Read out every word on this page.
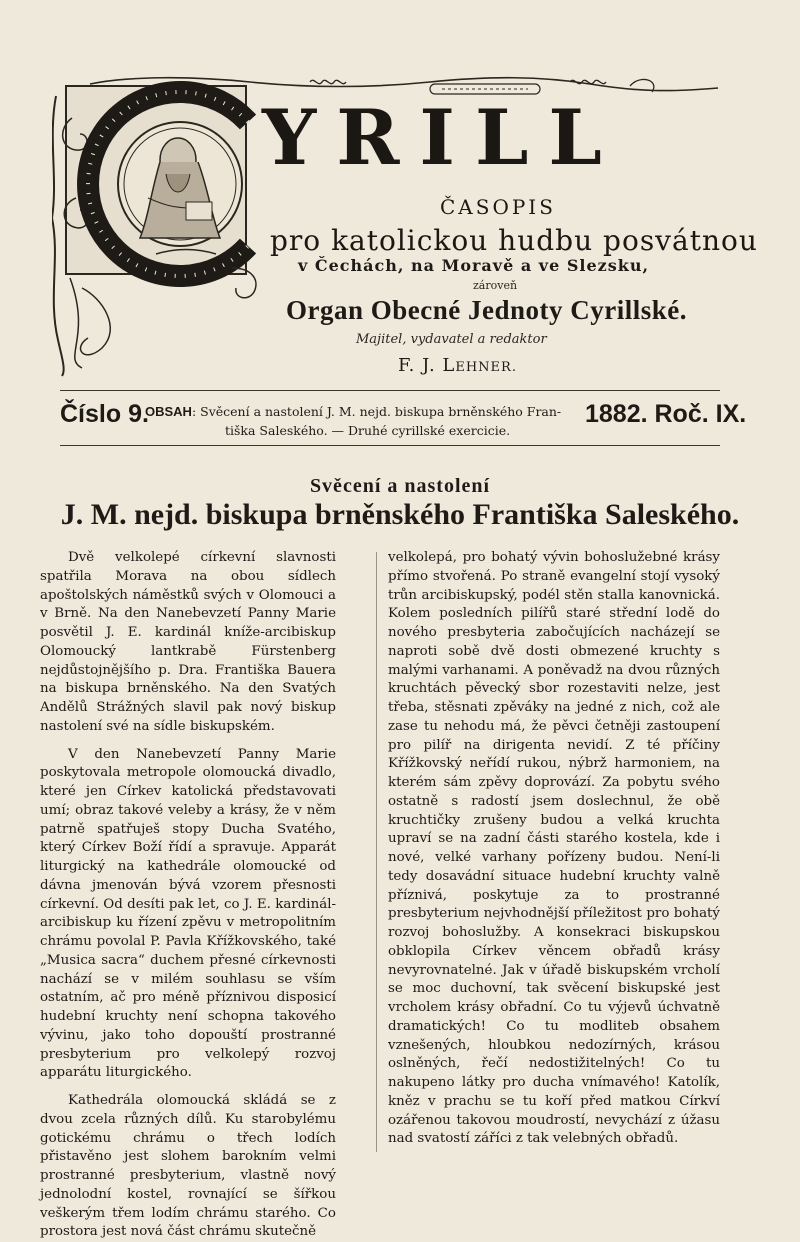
YRILL
ČASOPIS
pro katolickou hudbu posvátnou
v Čechách, na Moravě a ve Slezsku,
zároveň
Organ Obecné Jednoty Cyrillské.
Majitel, vydavatel a redaktor
F. J. LEHNER.
Číslo 9.
OBSAH: Svěcení a nastolení J. M. nejd. biskupa brněnského Fran-
tiška Saleského. — Druhé cyrillské exercicie.
1882. Roč. IX.
Svěcení a nastolení
J. M. nejd. biskupa brněnského Františka Saleského.

Dvě velkolepé církevní slavnosti spatřila Morava na obou sídlech apoštolských náměstků svých v Olomouci a v Brně. Na den Nanebevzetí Panny Marie posvětil J. E. kardinál kníže-arcibiskup Olomoucký lantkrabě Fürstenberg nejdůstojnějšího p. Dra. Františka Bauera na biskupa brněnského. Na den Svatých Andělů Strážných slavil pak nový biskup nastolení své na sídle biskupském.

V den Nanebevzetí Panny Marie poskytovala metropole olomoucká divadlo, které jen Církev katolická představovati umí; obraz takové veleby a krásy, že v něm patrně spatřuješ stopy Ducha Svatého, který Církev Boží řídí a spravuje. Apparát liturgický na kathedrále olomoucké od dávna jmenován bývá vzorem přesnosti církevní. Od desíti pak let, co J. E. kardinál-arcibiskup ku řízení zpěvu v metropolitním chrámu povolal P. Pavla Křížkovského, také „Musica sacra“ duchem přesné církevnosti nachází se v milém souhlasu se vším ostatním, ač pro méně příznivou disposicí hudební kruchty není schopna takového vývinu, jako toho dopouští prostranné presbyterium pro velkolepý rozvoj apparátu liturgického.

Kathedrála olomoucká skládá se z dvou zcela různých dílů. Ku starobylému gotickému chrámu o třech lodích přistavěno jest slohem barokním velmi prostranné presbyterium, vlastně nový jednolodní kostel, rovnající se šířkou veškerým třem lodím chrámu starého. Co prostora jest nová část chrámu skutečně

velkolepá, pro bohatý vývin bohoslužebné krásy přímo stvořená. Po straně evangelní stojí vysoký trůn arcibiskupský, podél stěn stalla kanovnická. Kolem posledních pilířů staré střední lodě do nového presbyteria zabočujících nacházejí se naproti sobě dvě dosti obmezené kruchty s malými varhanami. A poněvadž na dvou různých kruchtách pěvecký sbor rozestaviti nelze, jest třeba, stěsnati zpěváky na jedné z nich, což ale zase tu nehodu má, že pěvci četněji zastoupení pro pilíř na dirigenta nevidí. Z té příčiny Křížkovský neřídí rukou, nýbrž harmoniem, na kterém sám zpěvy doprovází. Za pobytu svého ostatně s radostí jsem doslechnul, že obě kruchtičky zrušeny budou a velká kruchta upraví se na zadní části starého kostela, kde i nové, velké varhany pořízeny budou. Není-li tedy dosavádní situace hudební kruchty valně příznivá, poskytuje za to prostranné presbyterium nejvhodnější příležitost pro bohatý rozvoj bohoslužby. A konsekraci biskupskou obklopila Církev věncem obřadů krásy nevyrovnatelné. Jak v úřadě biskupském vrcholí se moc duchovní, tak svěcení biskupské jest vrcholem krásy obřadní. Co tu výjevů úchvatně dramatických! Co tu modliteb obsahem vznešených, hloubkou nedozírných, krásou oslněných, řečí nedostižitelných! Co tu nakupeno látky pro ducha vnímavého! Katolík, kněz v prachu se tu koří před matkou Církví ozářenou takovou moudrostí, nevychází z úžasu nad svatostí záříci z tak velebných obřadů.
